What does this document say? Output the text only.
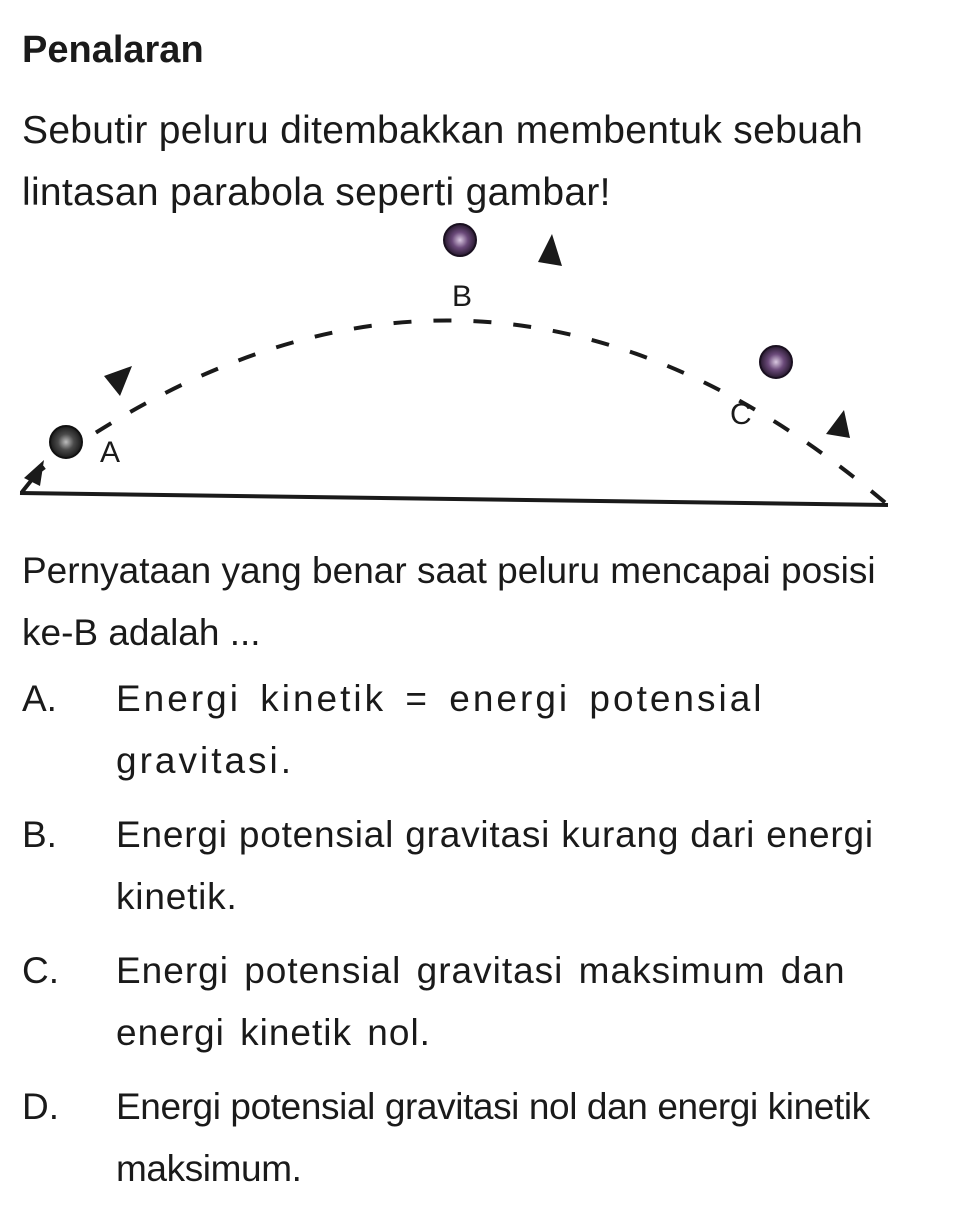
Penalaran

Sebutir peluru ditembakkan membentuk sebuah lintasan parabola seperti gambar!

A
B
C

Pernyataan yang benar saat peluru mencapai posisi ke-B adalah ...

A. Energi kinetik = energi potensial gravitasi.
B. Energi potensial gravitasi kurang dari energi kinetik.
C. Energi potensial gravitasi maksimum dan energi kinetik nol.
D. Energi potensial gravitasi nol dan energi kinetik maksimum.
